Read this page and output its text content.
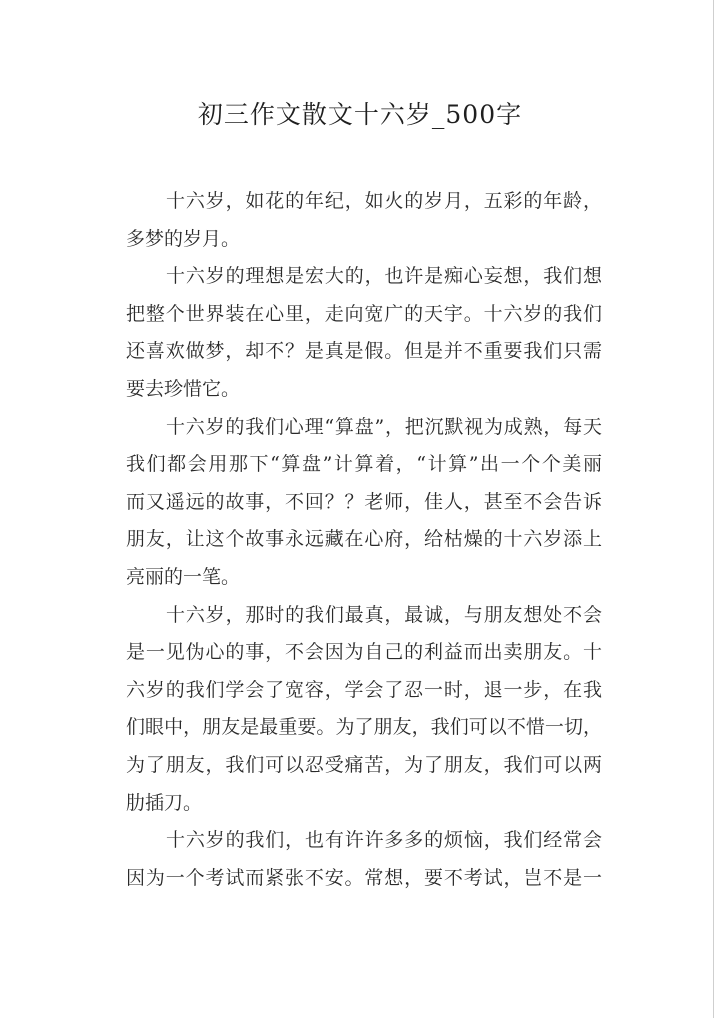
初三作文散文十六岁_500字
十六岁，如花的年纪，如火的岁月，五彩的年龄，
多梦的岁月。
十六岁的理想是宏大的，也许是痴心妄想，我们想
把整个世界装在心里，走向宽广的天宇。十六岁的我们
还喜欢做梦，却不？是真是假。但是并不重要我们只需
要去珍惜它。
十六岁的我们心理“算盘”，把沉默视为成熟，每天
我们都会用那下“算盘”计算着，“计算”出一个个美丽
而又遥远的故事，不回？？老师，佳人，甚至不会告诉
朋友，让这个故事永远藏在心府，给枯燥的十六岁添上
亮丽的一笔。
十六岁，那时的我们最真，最诚，与朋友想处不会
是一见伪心的事，不会因为自己的利益而出卖朋友。十
六岁的我们学会了宽容，学会了忍一时，退一步，在我
们眼中，朋友是最重要。为了朋友，我们可以不惜一切，
为了朋友，我们可以忍受痛苦，为了朋友，我们可以两
肋插刀。
十六岁的我们，也有许许多多的烦恼，我们经常会
因为一个考试而紧张不安。常想，要不考试，岂不是一
